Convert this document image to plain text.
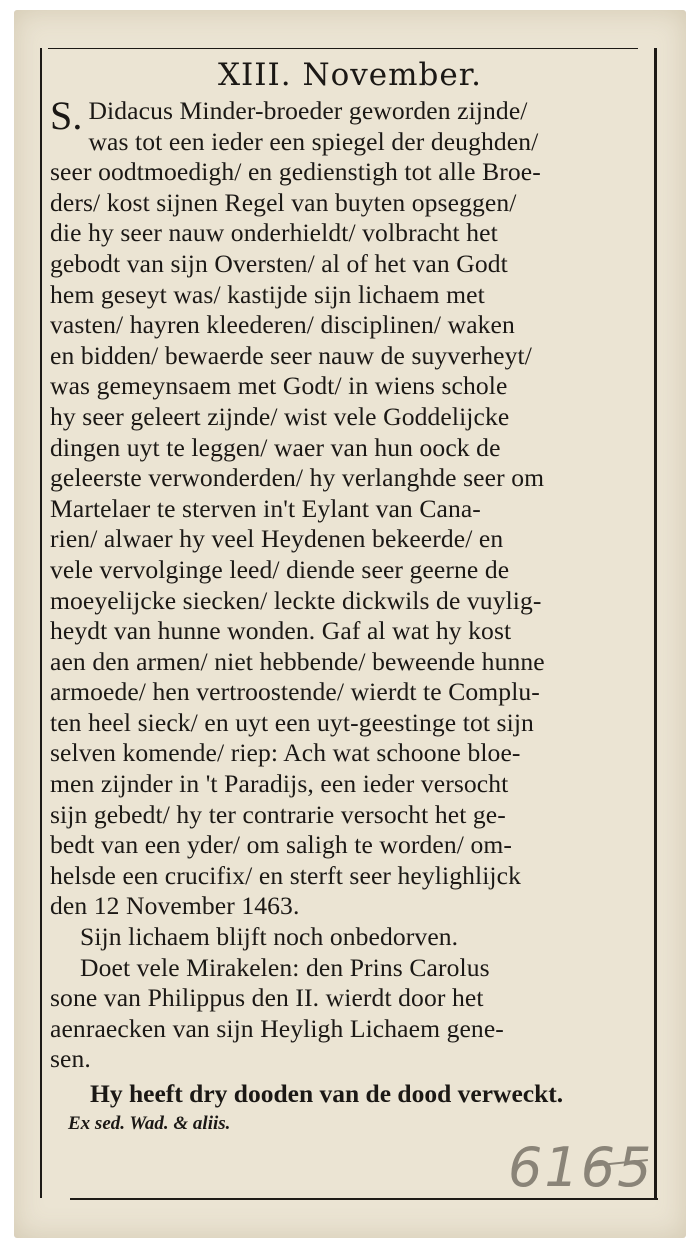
XIII. November.
S. Didacus Minder-broeder geworden zijnde/
was tot een ieder een spiegel der deughden/
seer oodtmoedigh/ en gedienstigh tot alle Broe-
ders/ kost sijnen Regel van buyten opseggen/
die hy seer nauw onderhieldt/ volbracht het
gebodt van sijn Oversten/ al of het van Godt
hem geseyt was/ kastijde sijn lichaem met
vasten/ hayren kleederen/ disciplinen/ waken
en bidden/ bewaerde seer nauw de suyverheyt/
was gemeynsaem met Godt/ in wiens schole
hy seer geleert zijnde/ wist vele Goddelijcke
dingen uyt te leggen/ waer van hun oock de
geleerste verwonderden/ hy verlanghde seer om
Martelaer te sterven in't Eylant van Cana-
rien/ alwaer hy veel Heydenen bekeerde/ en
vele vervolginge leed/ diende seer geerne de
moeyelijcke siecken/ leckte dickwils de vuylig-
heydt van hunne wonden. Gaf al wat hy kost
aen den armen/ niet hebbende/ beweende hunne
armoede/ hen vertroostende/ wierdt te Complu-
ten heel sieck/ en uyt een uyt-geestinge tot sijn
selven komende/ riep: Ach wat schoone bloe-
men zijnder in 't Paradijs, een ieder versocht
sijn gebedt/ hy ter contrarie versocht het ge-
bedt van een yder/ om saligh te worden/ om-
helsde een crucifix/ en sterft seer heylighlijck
den 12 November 1463.
Sijn lichaem blijft noch onbedorven.
Doet vele Mirakelen: den Prins Carolus
sone van Philippus den II. wierdt door het
aenraecken van sijn Heyligh Lichaem gene-
sen.
Hy heeft dry dooden van de dood verweckt.
Ex sed. Wad. & aliis.
6165
